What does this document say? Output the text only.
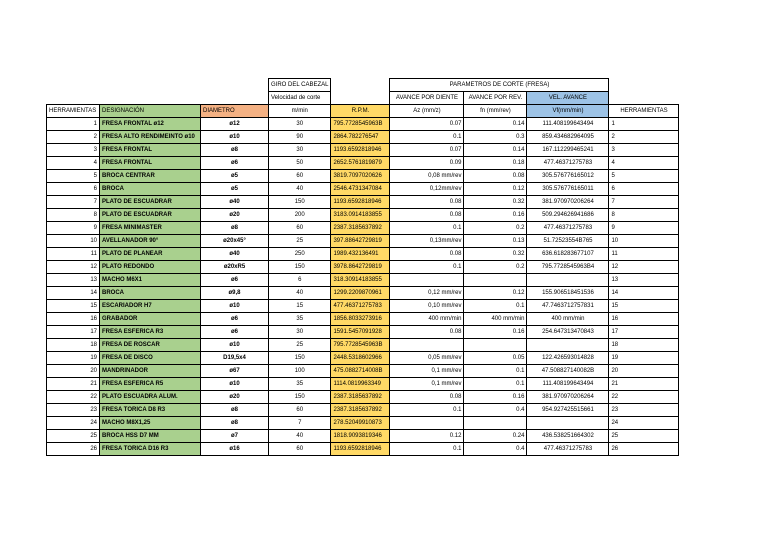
			GIRO DEL CABEZAL		PARAMETROS DE CORTE (FRESA)			
			Velocidad de corte		AVANCE POR DIENTE	AVANCE POR REV.	VEL. AVANCE	
HERRAMIENTAS	DESIGNACIÓN	DIAMETRO	m/min	R.P.M.	Az (mm/z)	fn (mm/rev)	Vf(mm/min)	HERRAMIENTAS
1	FRESA FRONTAL ø12	ø12	30	795.7728545963B	0.07	0.14	111.408199643494	1
2	FRESA ALTO RENDIMEINTO ø10	ø10	90	2864.782276547	0.1	0.3	859.434682964095	2
3	FRESA FRONTAL	ø8	30	1193.6592818946	0.07	0.14	167.112299465241	3
4	FRESA FRONTAL	ø6	50	2652.5761819879	0.09	0.18	477.46371275783	4
5	BROCA CENTRAR	ø5	60	3819.7097020626	0,08 mm/rev	0.08	305.576776165012	5
6	BROCA	ø5	40	2546.4731347084	0,12mm/rev	0.12	305.576776165011	6
7	PLATO DE ESCUADRAR	ø40	150	1193.6592818946	0.08	0.32	381.970970206264	7
8	PLATO DE ESCUADRAR	ø20	200	3183.0914183855	0.08	0.16	509.294626941686	8
9	FRESA MINIMASTER	ø8	60	2387.3185637892	0.1	0.2	477.46371275783	9
10	AVELLANADOR 90°	ø20x45°	25	397.88642729819	0,13mm/rev	0.13	51.72523554B765	10
11	PLATO DE PLANEAR	ø40	250	1989.432136491	0.08	0.32	636.618283677107	11
12	PLATO REDONDO	ø20xR5	150	3978.8642729819	0.1	0.2	795.7728545963B4	12
13	MACHO M6X1	ø6	6	318.30914183855				13
14	BROCA	ø9,8	40	1299.2209870961	0,12 mm/rev	0.12	155.906518451536	14
15	ESCARIADOR H7	ø10	15	477.46371275783	0,10 mm/rev	0.1	47.7463712757831	15
16	GRABADOR	ø6	35	1856.8033273916	400 mm/min	400 mm/min	400 mm/min	16
17	FRESA ESFERICA R3	ø6	30	1591.5457091928	0.08	0.16	254.647313470843	17
18	FRESA DE ROSCAR	ø10	25	795.7728545963B				18
19	FRESA DE DISCO	D19,5x4	150	2448.5318602966	0,05 mm/rev	0.05	122.426593014828	19
20	MANDRINADOR	ø67	100	475.0882714008B	0,1 mm/rev	0.1	47.508827140082B	20
21	FRESA ESFERICA R5	ø10	35	1114.0819963349	0,1 mm/rev	0.1	111.408199643494	21
22	PLATO ESCUADRA ALUM.	ø20	150	2387.3185637892	0.08	0.16	381.970970206264	22
23	FRESA TORICA D8 R3	ø8	60	2387.3185637892	0.1	0.4	954.927425515661	23
24	MACHO M8X1,25	ø8	7	278.52049910873				24
25	BROCA HSS D7 MM	ø7	40	1818.9093819346	0.12	0.24	436.538251664302	25
26	FRESA TORICA D16 R3	ø16	60	1193.6592818946	0.1	0.4	477.46371275783	26
